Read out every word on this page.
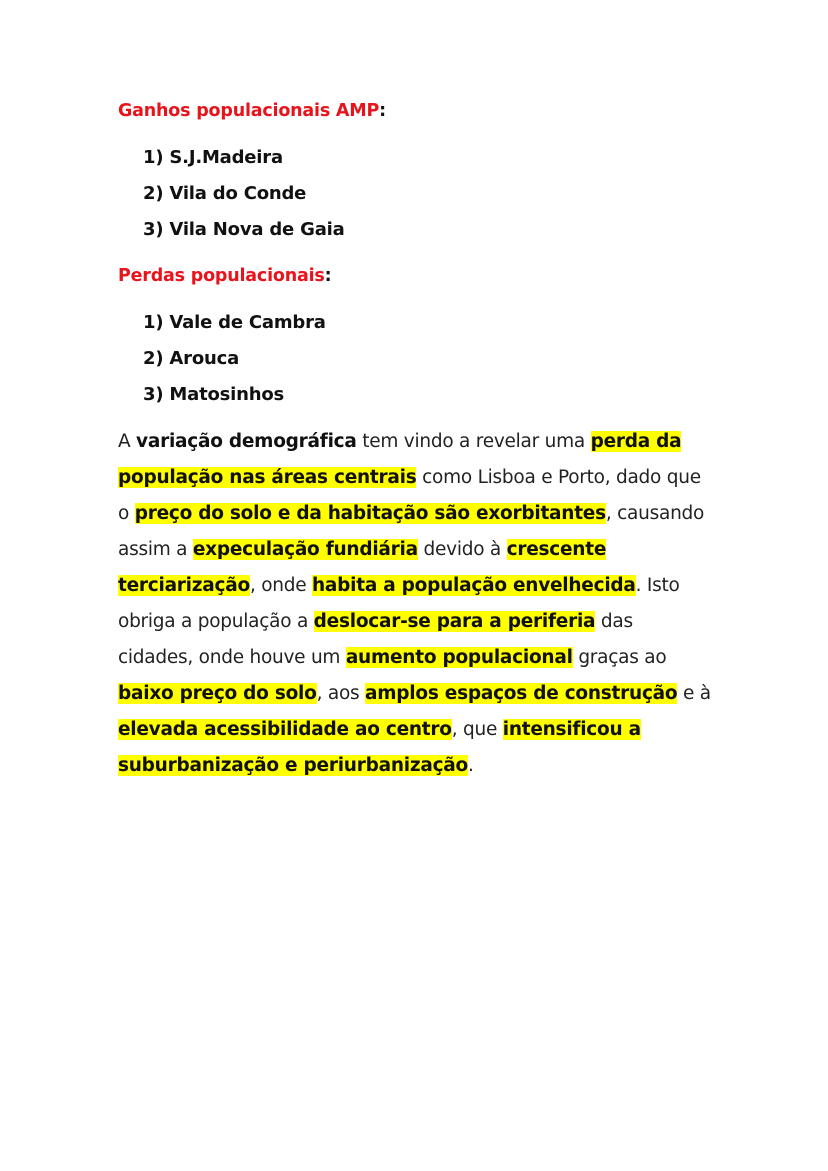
Ganhos populacionais AMP:
1) S.J.Madeira
2) Vila do Conde
3) Vila Nova de Gaia
Perdas populacionais:
1) Vale de Cambra
2) Arouca
3) Matosinhos
A variação demográfica tem vindo a revelar uma perda da
população nas áreas centrais como Lisboa e Porto, dado que
o preço do solo e da habitação são exorbitantes, causando
assim a expeculação fundiária devido à crescente
terciarização, onde habita a população envelhecida. Isto
obriga a população a deslocar-se para a periferia das
cidades, onde houve um aumento populacional graças ao
baixo preço do solo, aos amplos espaços de construção e à
elevada acessibilidade ao centro, que intensificou a
suburbanização e periurbanização.
